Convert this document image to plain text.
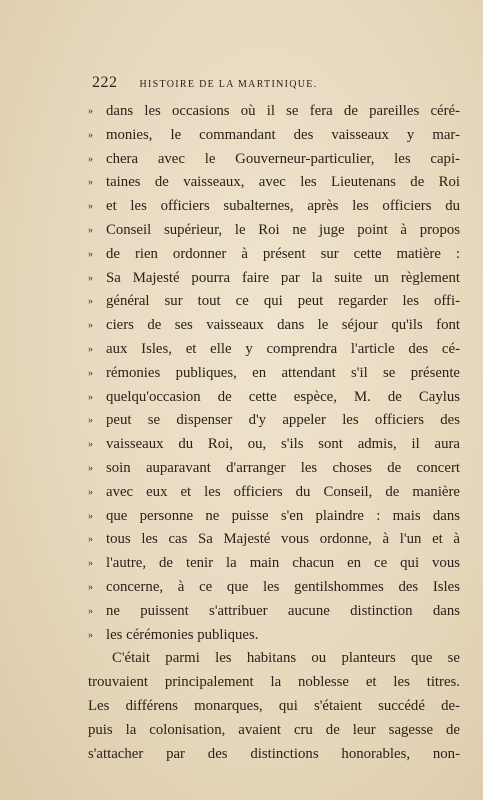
222 HISTOIRE DE LA MARTINIQUE.
» dans les occasions où il se fera de pareilles céré-
» monies, le commandant des vaisseaux y mar-
» chera avec le Gouverneur-particulier, les capi-
» taines de vaisseaux, avec les Lieutenans de Roi
» et les officiers subalternes, après les officiers du
» Conseil supérieur, le Roi ne juge point à propos
» de rien ordonner à présent sur cette matière :
» Sa Majesté pourra faire par la suite un règlement
» général sur tout ce qui peut regarder les offi-
» ciers de ses vaisseaux dans le séjour qu'ils font
» aux Isles, et elle y comprendra l'article des cé-
» rémonies publiques, en attendant s'il se présente
» quelqu'occasion de cette espèce, M. de Caylus
» peut se dispenser d'y appeler les officiers des
» vaisseaux du Roi, ou, s'ils sont admis, il aura
» soin auparavant d'arranger les choses de concert
» avec eux et les officiers du Conseil, de manière
» que personne ne puisse s'en plaindre : mais dans
» tous les cas Sa Majesté vous ordonne, à l'un et à
» l'autre, de tenir la main chacun en ce qui vous
» concerne, à ce que les gentilshommes des Isles
» ne puissent s'attribuer aucune distinction dans
» les cérémonies publiques.
C'était parmi les habitans ou planteurs que se
trouvaient principalement la noblesse et les titres.
Les différens monarques, qui s'étaient succédé de-
puis la colonisation, avaient cru de leur sagesse de
s'attacher par des distinctions honorables, non-
